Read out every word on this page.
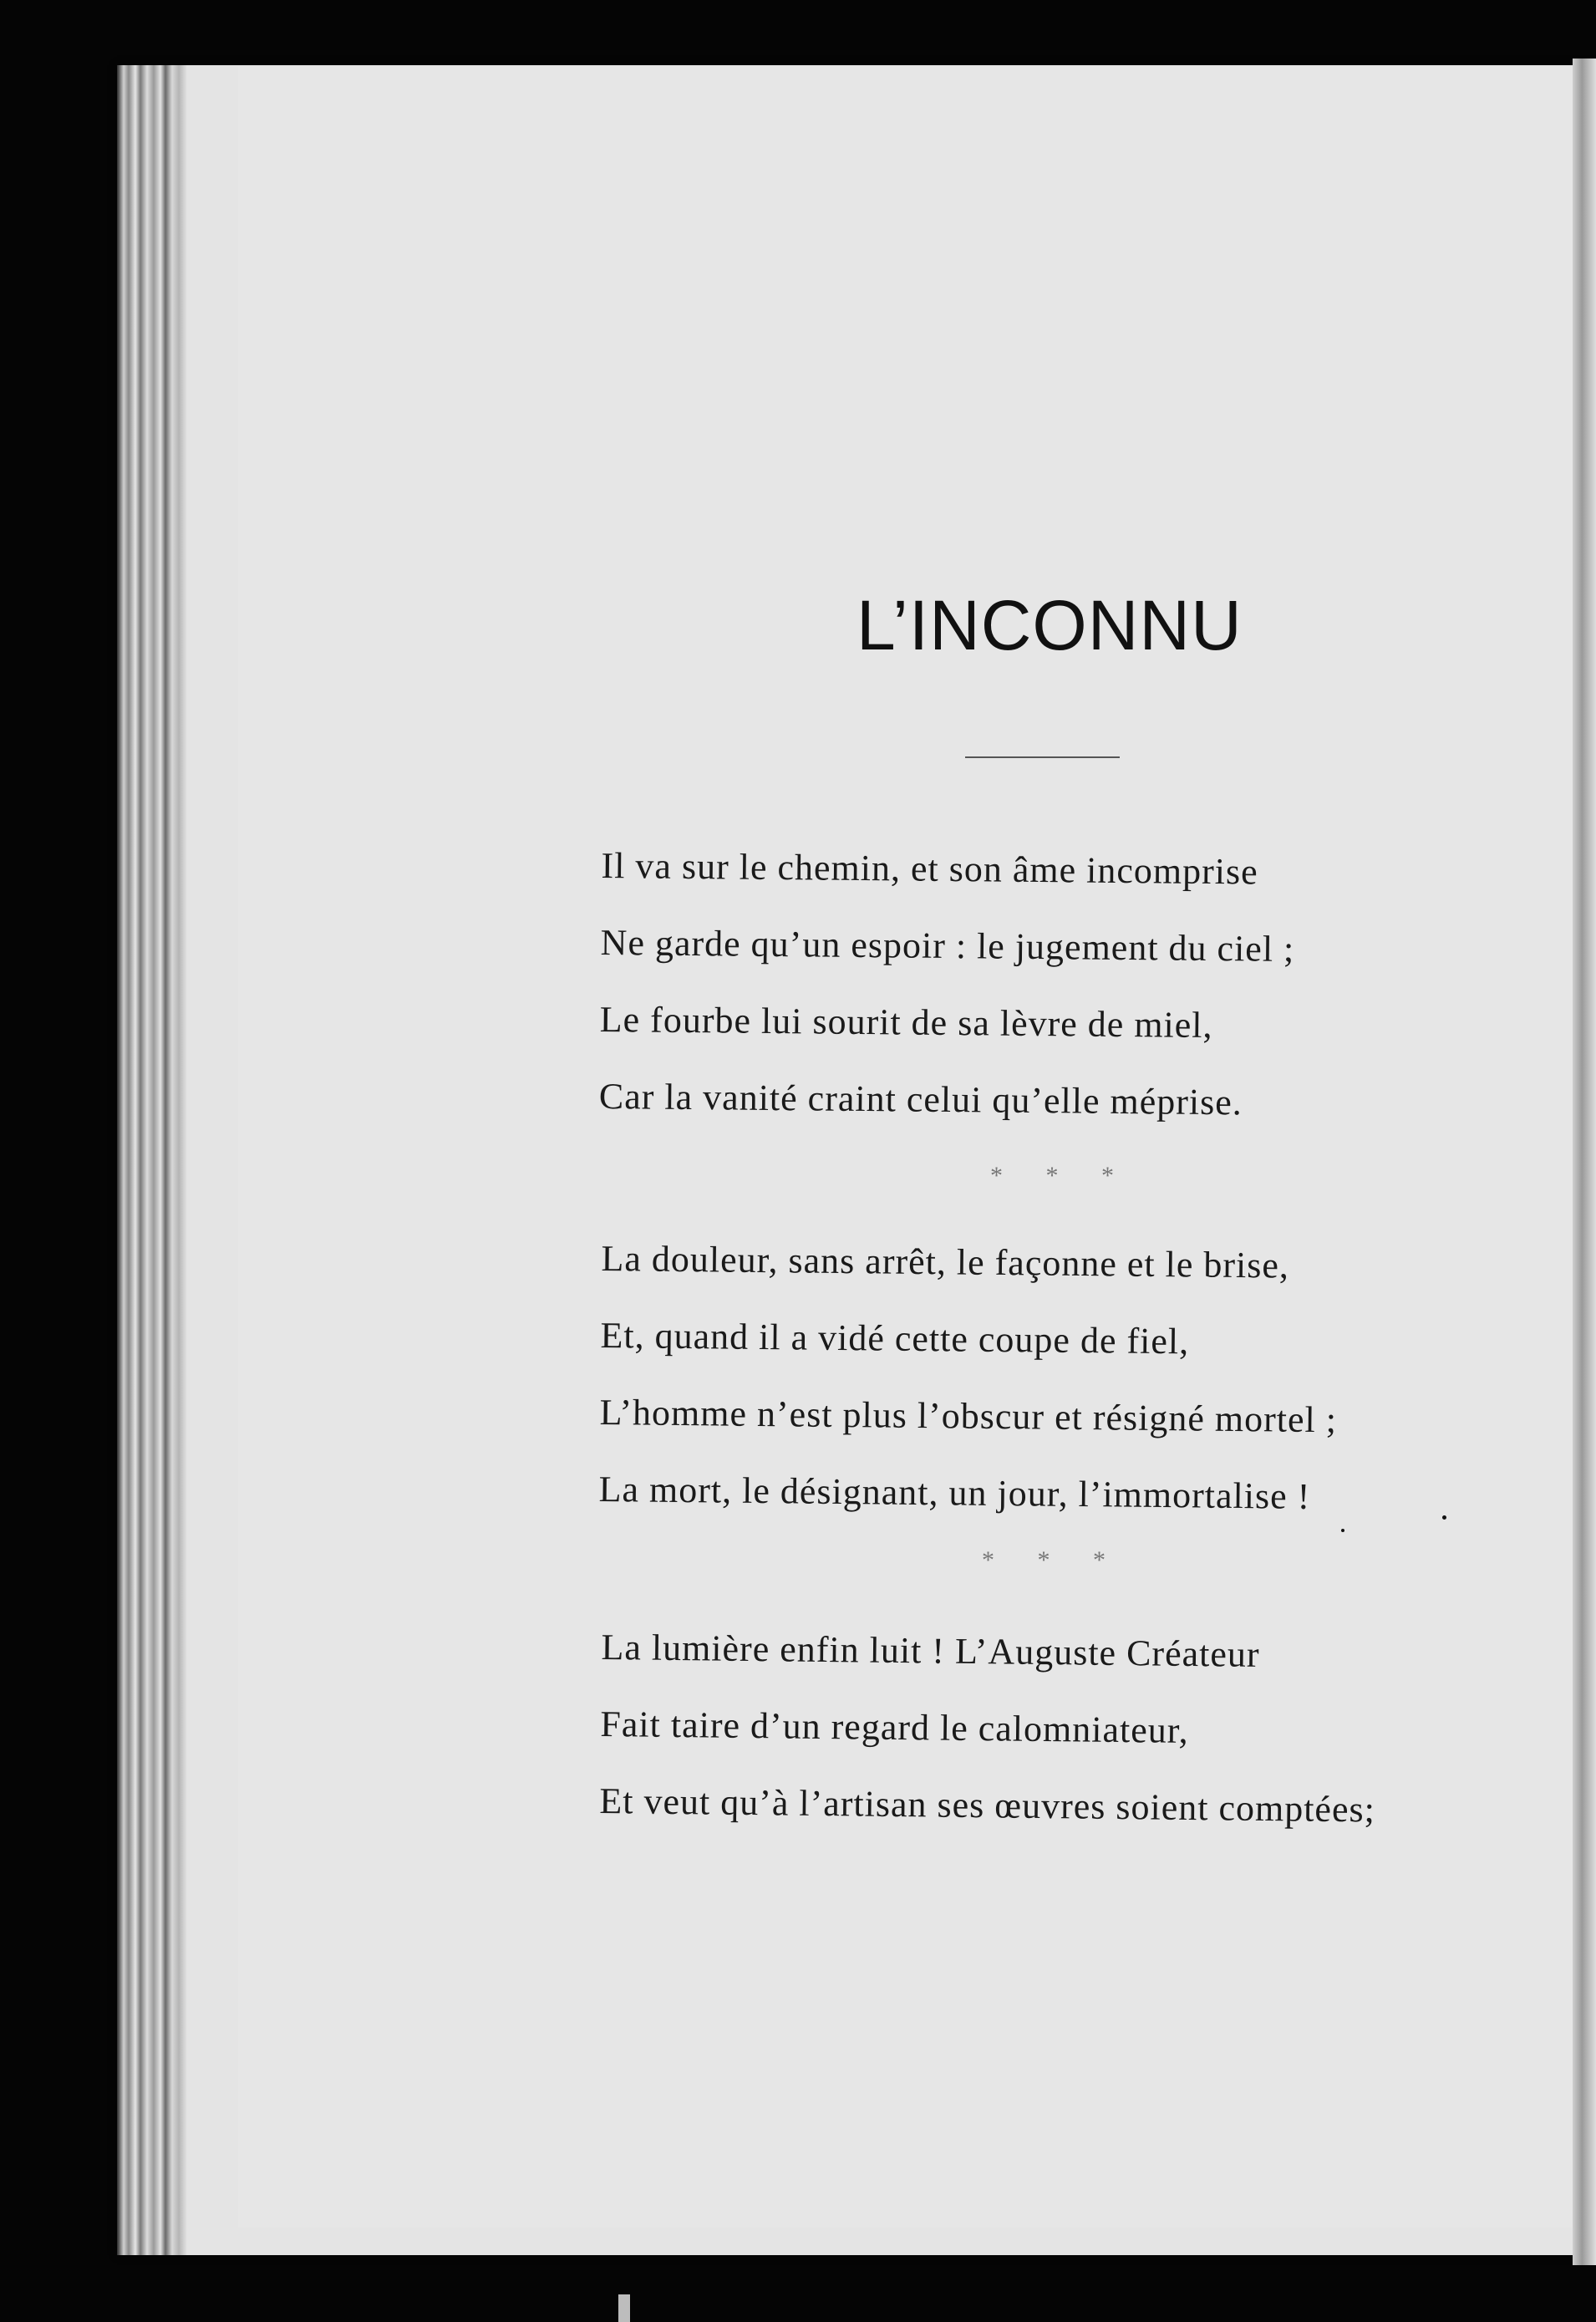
L’INCONNU
Il va sur le chemin, et son âme incomprise
Ne garde qu’un espoir : le jugement du ciel ;
Le fourbe lui sourit de sa lèvre de miel,
Car la vanité craint celui qu’elle méprise.
* * *
La douleur, sans arrêt, le façonne et le brise,
Et, quand il a vidé cette coupe de fiel,
L’homme n’est plus l’obscur et résigné mortel ;
La mort, le désignant, un jour, l’immortalise !
* * *
La lumière enfin luit ! L’Auguste Créateur
Fait taire d’un regard le calomniateur,
Et veut qu’à l’artisan ses œuvres soient comptées;
